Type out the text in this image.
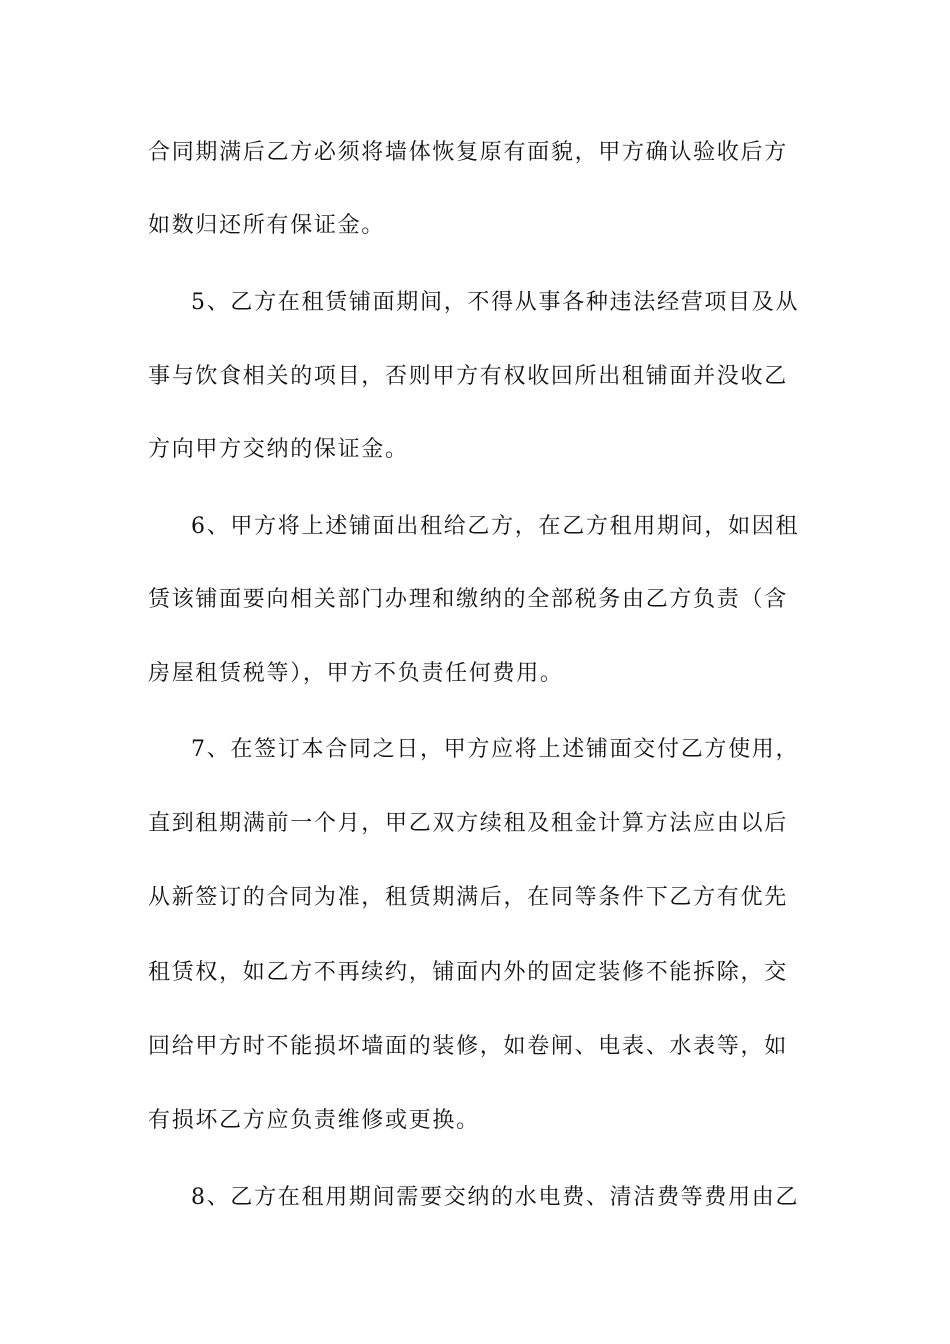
合同期满后乙方必须将墙体恢复原有面貌，甲方确认验收后方
如数归还所有保证金。
5、乙方在租赁铺面期间，不得从事各种违法经营项目及从
事与饮食相关的项目，否则甲方有权收回所出租铺面并没收乙
方向甲方交纳的保证金。
6、甲方将上述铺面出租给乙方，在乙方租用期间，如因租
赁该铺面要向相关部门办理和缴纳的全部税务由乙方负责（含
房屋租赁税等），甲方不负责任何费用。
7、在签订本合同之日，甲方应将上述铺面交付乙方使用，
直到租期满前一个月，甲乙双方续租及租金计算方法应由以后
从新签订的合同为准，租赁期满后，在同等条件下乙方有优先
租赁权，如乙方不再续约，铺面内外的固定装修不能拆除，交
回给甲方时不能损坏墙面的装修，如卷闸、电表、水表等，如
有损坏乙方应负责维修或更换。
8、乙方在租用期间需要交纳的水电费、清洁费等费用由乙
